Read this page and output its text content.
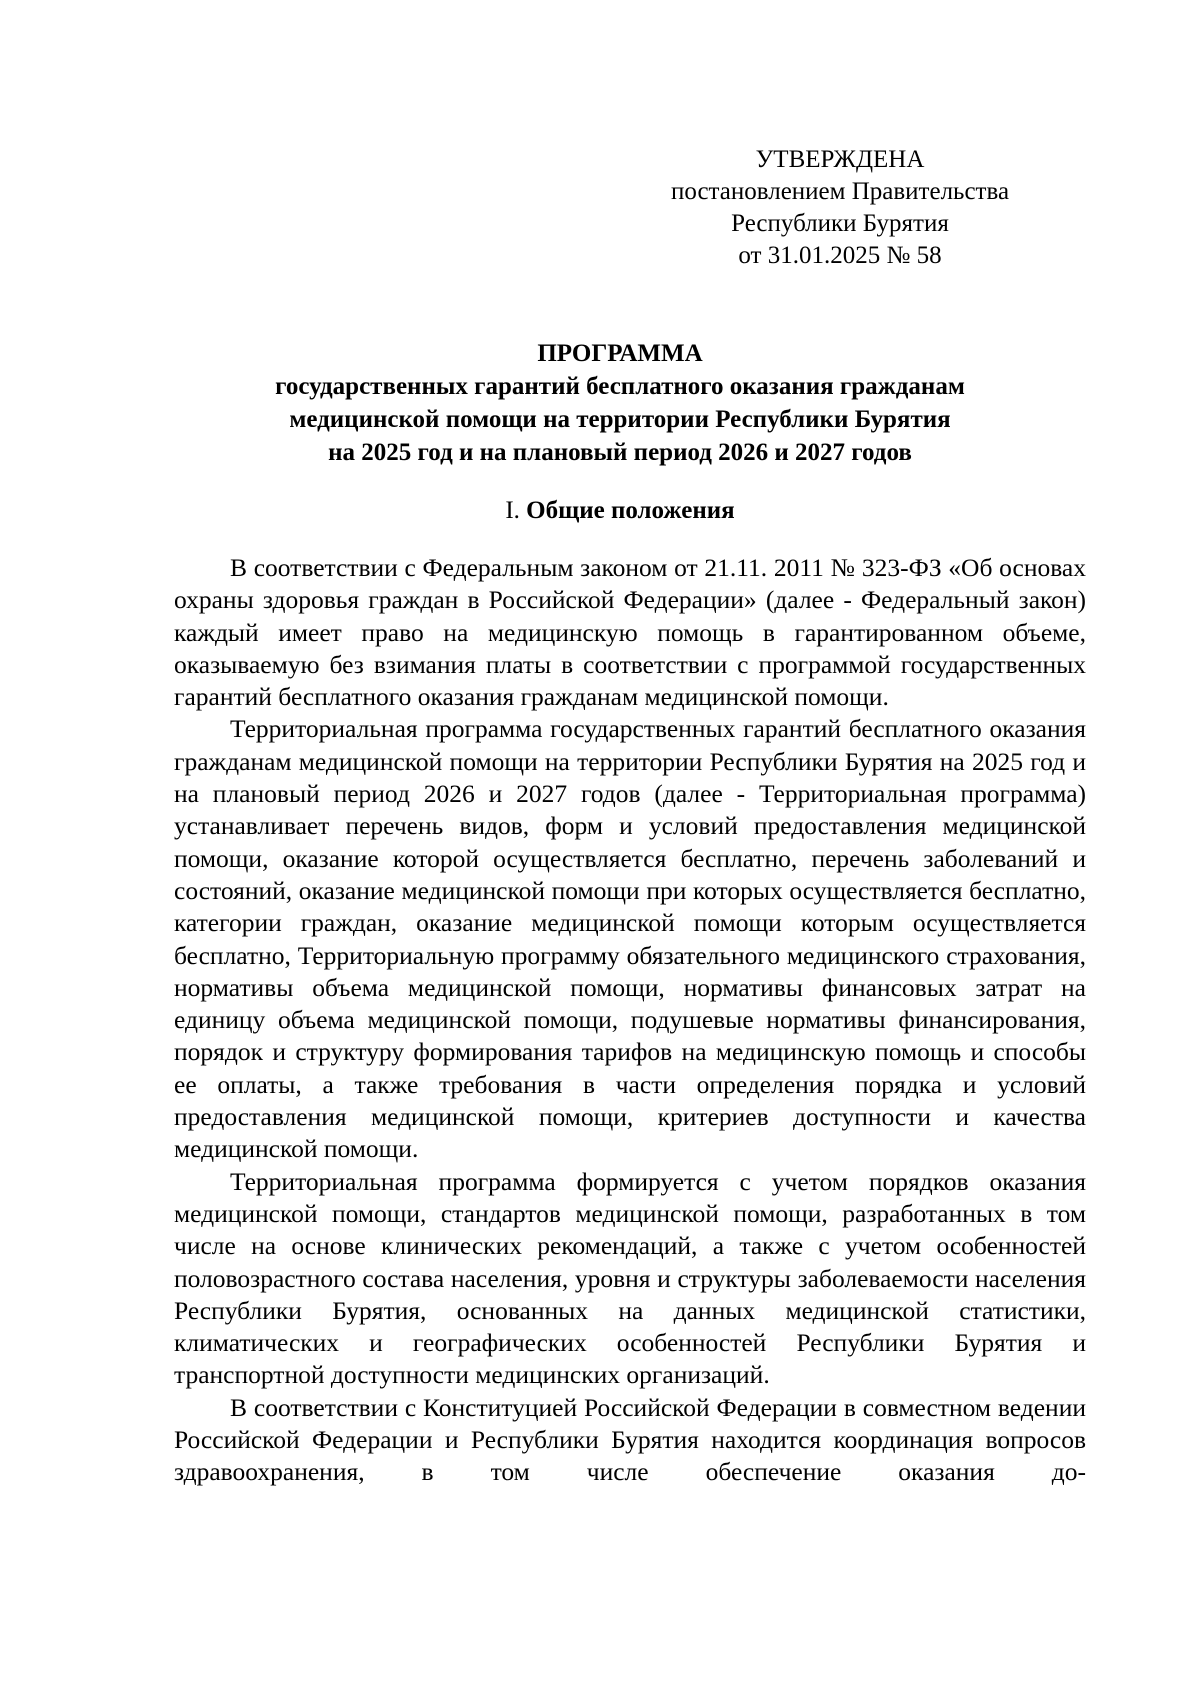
УТВЕРЖДЕНА
постановлением Правительства
Республики Бурятия
от 31.01.2025 № 58
ПРОГРАММА
государственных гарантий бесплатного оказания гражданам
медицинской помощи на территории Республики Бурятия
на 2025 год и на плановый период 2026 и 2027 годов
I. Общие положения

В соответствии с Федеральным законом от 21.11. 2011 № 323-ФЗ «Об основах охраны здоровья граждан в Российской Федерации» (далее - Федеральный закон) каждый имеет право на медицинскую помощь в гарантированном объеме, оказываемую без взимания платы в соответствии с программой государственных гарантий бесплатного оказания гражданам медицинской помощи.

Территориальная программа государственных гарантий бесплатного оказания гражданам медицинской помощи на территории Республики Бурятия на 2025 год и на плановый период 2026 и 2027 годов (далее - Территориальная программа) устанавливает перечень видов, форм и условий предоставления медицинской помощи, оказание которой осуществляется бесплатно, перечень заболеваний и состояний, оказание медицинской помощи при которых осуществляется бесплатно, категории граждан, оказание медицинской помощи которым осуществляется бесплатно, Территориальную программу обязательного медицинского страхования, нормативы объема медицинской помощи, нормативы финансовых затрат на единицу объема медицинской помощи, подушевые нормативы финансирования, порядок и структуру формирования тарифов на медицинскую помощь и способы ее оплаты, а также требования в части определения порядка и условий предоставления медицинской помощи, критериев доступности и качества медицинской помощи.

Территориальная программа формируется с учетом порядков оказания медицинской помощи, стандартов медицинской помощи, разработанных в том числе на основе клинических рекомендаций, а также с учетом особенностей половозрастного состава населения, уровня и структуры заболеваемости населения Республики Бурятия, основанных на данных медицинской статистики, климатических и географических особенностей Республики Бурятия и транспортной доступности медицинских организаций.

В соответствии с Конституцией Российской Федерации в совместном ведении Российской Федерации и Республики Бурятия находится координация вопросов здравоохранения, в том числе обеспечение оказания до-
